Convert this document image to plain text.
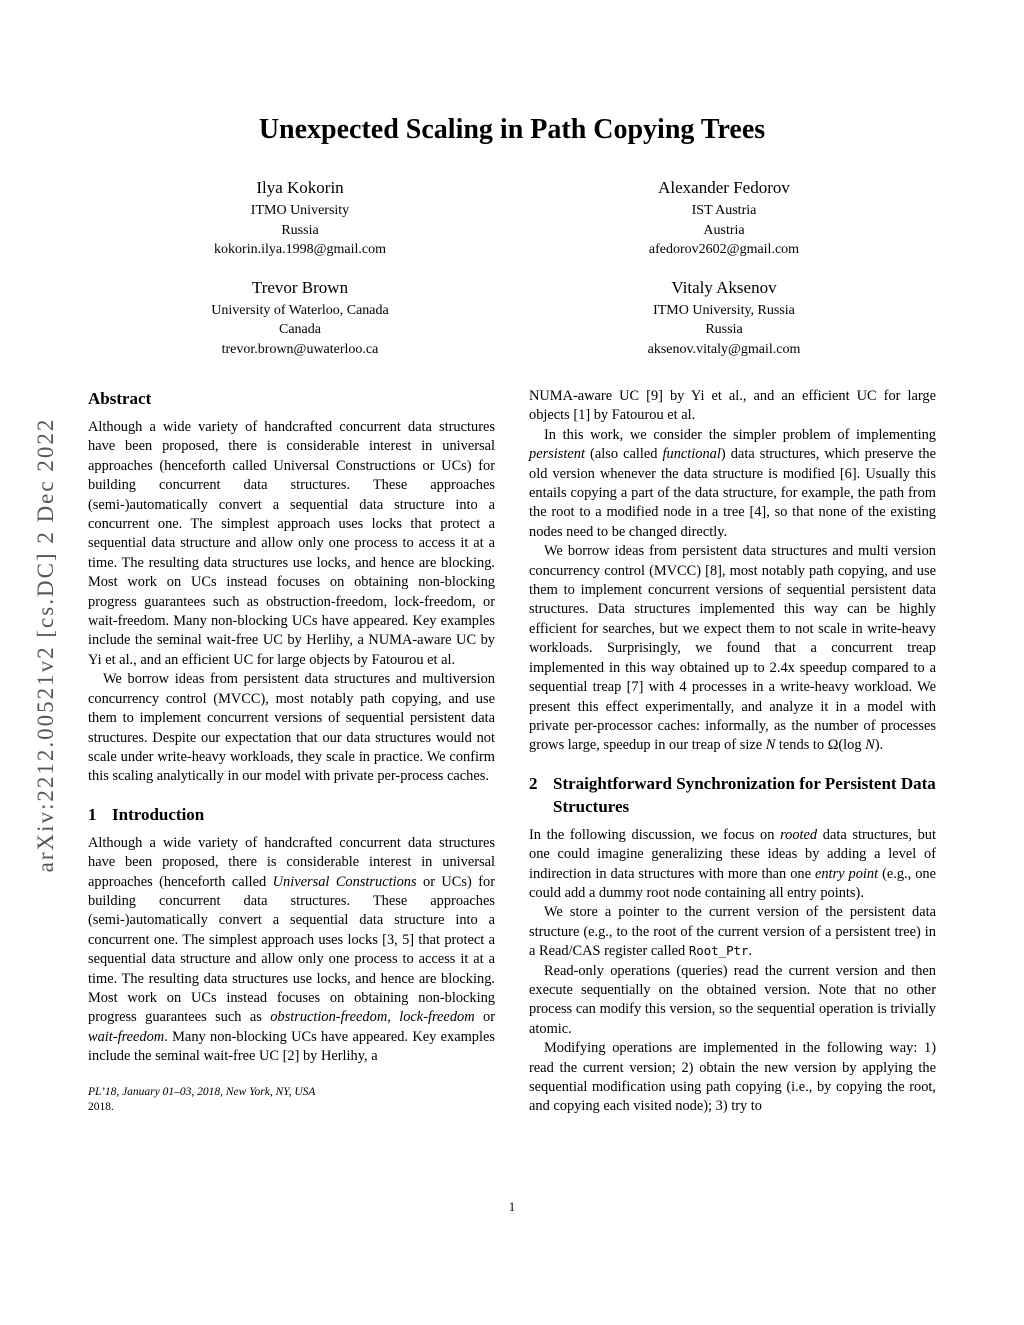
arXiv:2212.00521v2 [cs.DC] 2 Dec 2022
Unexpected Scaling in Path Copying Trees
Ilya Kokorin
ITMO University
Russia
kokorin.ilya.1998@gmail.com
Alexander Fedorov
IST Austria
Austria
afedorov2602@gmail.com
Trevor Brown
University of Waterloo, Canada
Canada
trevor.brown@uwaterloo.ca
Vitaly Aksenov
ITMO University, Russia
Russia
aksenov.vitaly@gmail.com
Abstract

Although a wide variety of handcrafted concurrent data structures have been proposed, there is considerable interest in universal approaches (henceforth called Universal Constructions or UCs) for building concurrent data structures. These approaches (semi-)automatically convert a sequential data structure into a concurrent one. The simplest approach uses locks that protect a sequential data structure and allow only one process to access it at a time. The resulting data structures use locks, and hence are blocking. Most work on UCs instead focuses on obtaining non-blocking progress guarantees such as obstruction-freedom, lock-freedom, or wait-freedom. Many non-blocking UCs have appeared. Key examples include the seminal wait-free UC by Herlihy, a NUMA-aware UC by Yi et al., and an efficient UC for large objects by Fatourou et al.

We borrow ideas from persistent data structures and multiversion concurrency control (MVCC), most notably path copying, and use them to implement concurrent versions of sequential persistent data structures. Despite our expectation that our data structures would not scale under write-heavy workloads, they scale in practice. We confirm this scaling analytically in our model with private per-process caches.

1 Introduction

Although a wide variety of handcrafted concurrent data structures have been proposed, there is considerable interest in universal approaches (henceforth called Universal Constructions or UCs) for building concurrent data structures. These approaches (semi-)automatically convert a sequential data structure into a concurrent one. The simplest approach uses locks [3, 5] that protect a sequential data structure and allow only one process to access it at a time. The resulting data structures use locks, and hence are blocking. Most work on UCs instead focuses on obtaining non-blocking progress guarantees such as obstruction-freedom, lock-freedom or wait-freedom. Many non-blocking UCs have appeared. Key examples include the seminal wait-free UC [2] by Herlihy, a

PL’18, January 01–03, 2018, New York, NY, USA
2018.

NUMA-aware UC [9] by Yi et al., and an efficient UC for large objects [1] by Fatourou et al.

In this work, we consider the simpler problem of implementing persistent (also called functional) data structures, which preserve the old version whenever the data structure is modified [6]. Usually this entails copying a part of the data structure, for example, the path from the root to a modified node in a tree [4], so that none of the existing nodes need to be changed directly.

We borrow ideas from persistent data structures and multi version concurrency control (MVCC) [8], most notably path copying, and use them to implement concurrent versions of sequential persistent data structures. Data structures implemented this way can be highly efficient for searches, but we expect them to not scale in write-heavy workloads. Surprisingly, we found that a concurrent treap implemented in this way obtained up to 2.4x speedup compared to a sequential treap [7] with 4 processes in a write-heavy workload. We present this effect experimentally, and analyze it in a model with private per-processor caches: informally, as the number of processes grows large, speedup in our treap of size N tends to Ω(log N).

2 Straightforward Synchronization for Persistent Data Structures

In the following discussion, we focus on rooted data structures, but one could imagine generalizing these ideas by adding a level of indirection in data structures with more than one entry point (e.g., one could add a dummy root node containing all entry points).

We store a pointer to the current version of the persistent data structure (e.g., to the root of the current version of a persistent tree) in a Read/CAS register called Root_Ptr.

Read-only operations (queries) read the current version and then execute sequentially on the obtained version. Note that no other process can modify this version, so the sequential operation is trivially atomic.

Modifying operations are implemented in the following way: 1) read the current version; 2) obtain the new version by applying the sequential modification using path copying (i.e., by copying the root, and copying each visited node); 3) try to

1
